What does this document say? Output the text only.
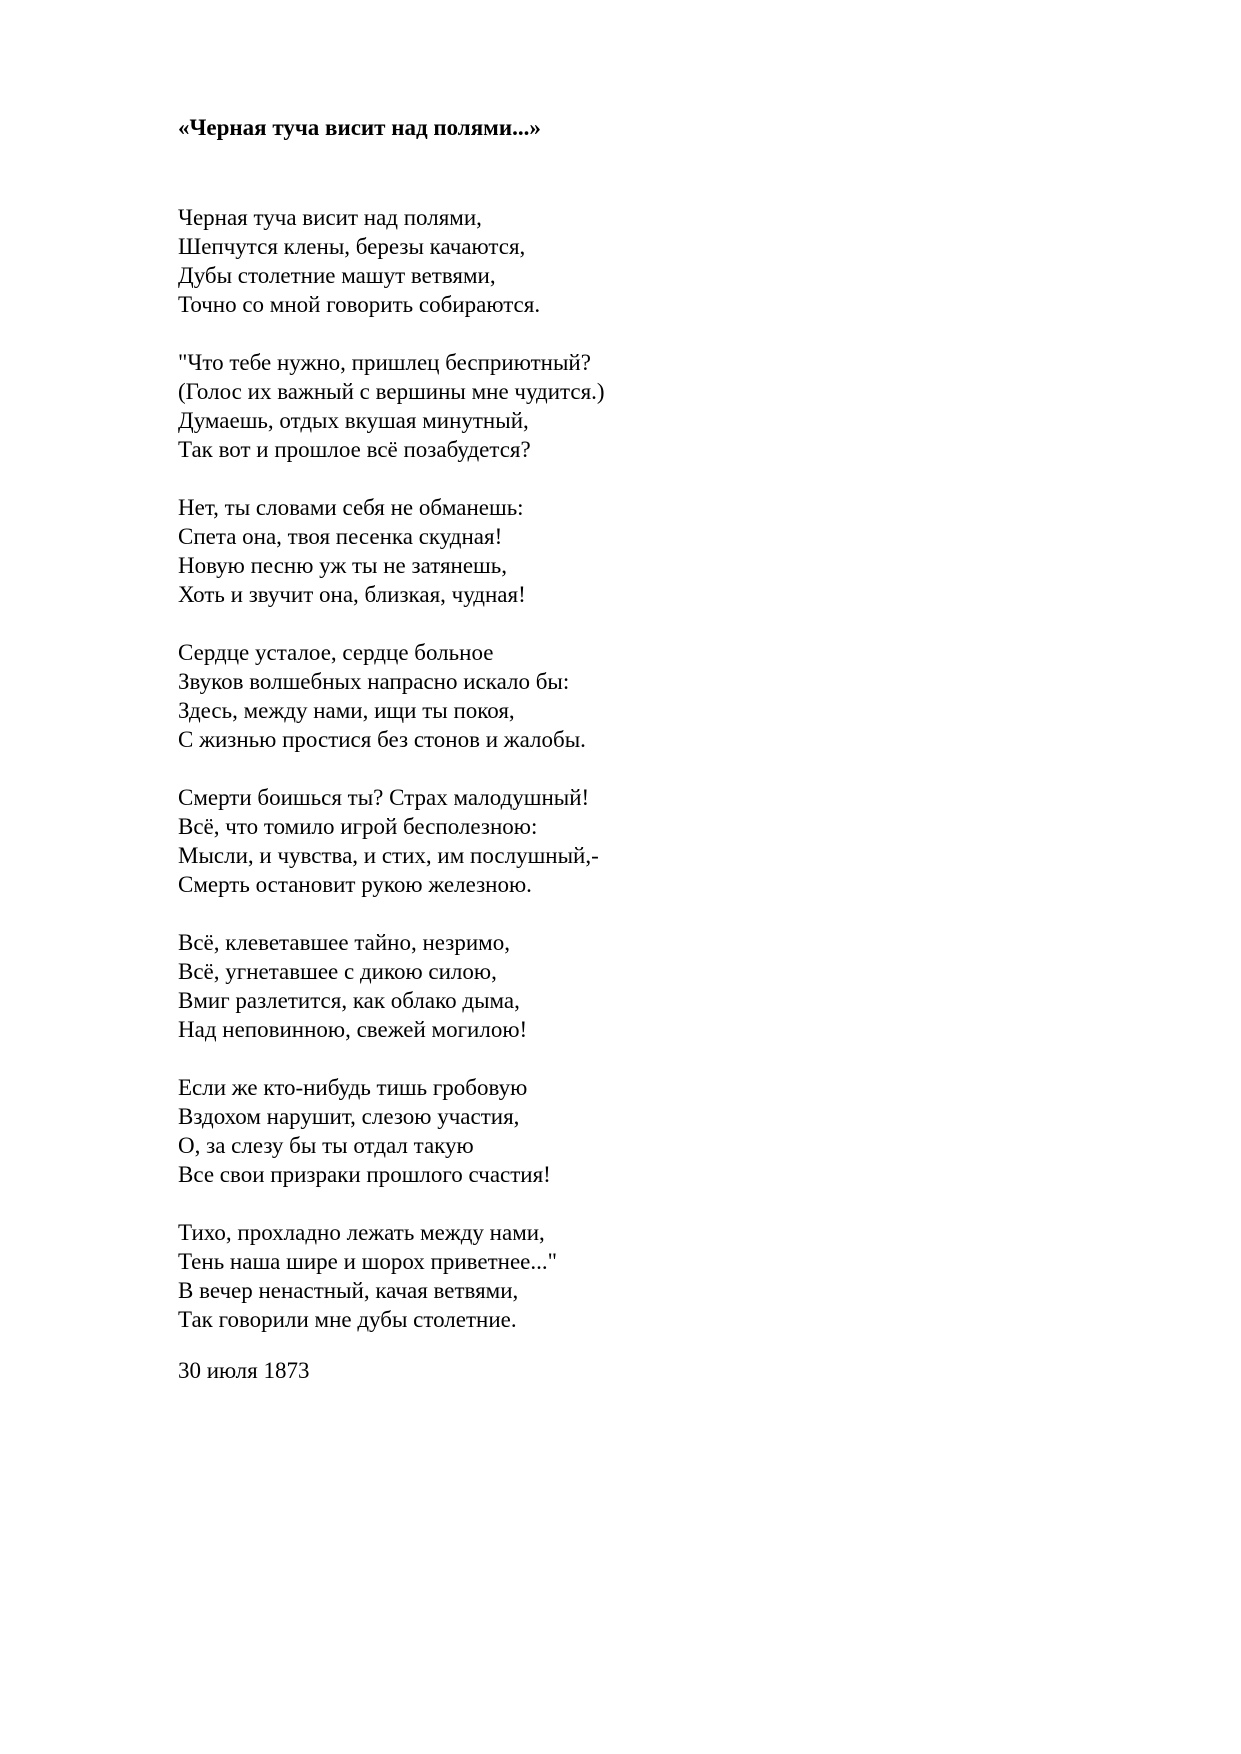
«Черная туча висит над полями...»

Черная туча висит над полями,
Шепчутся клены, березы качаются,
Дубы столетние машут ветвями,
Точно со мной говорить собираются.

"Что тебе нужно, пришлец бесприютный?
(Голос их важный с вершины мне чудится.)
Думаешь, отдых вкушая минутный,
Так вот и прошлое всё позабудется?

Нет, ты словами себя не обманешь:
Спета она, твоя песенка скудная!
Новую песню уж ты не затянешь,
Хоть и звучит она, близкая, чудная!

Сердце усталое, сердце больное
Звуков волшебных напрасно искало бы:
Здесь, между нами, ищи ты покоя,
С жизнью простися без стонов и жалобы.

Смерти боишься ты? Страх малодушный!
Всё, что томило игрой бесполезною:
Мысли, и чувства, и стих, им послушный,-
Смерть остановит рукою железною.

Всё, клеветавшее тайно, незримо,
Всё, угнетавшее с дикою силою,
Вмиг разлетится, как облако дыма,
Над неповинною, свежей могилою!

Если же кто-нибудь тишь гробовую
Вздохом нарушит, слезою участия,
О, за слезу бы ты отдал такую
Все свои призраки прошлого счастия!

Тихо, прохладно лежать между нами,
Тень наша шире и шорох приветнее..."
В вечер ненастный, качая ветвями,
Так говорили мне дубы столетние.

30 июля 1873
